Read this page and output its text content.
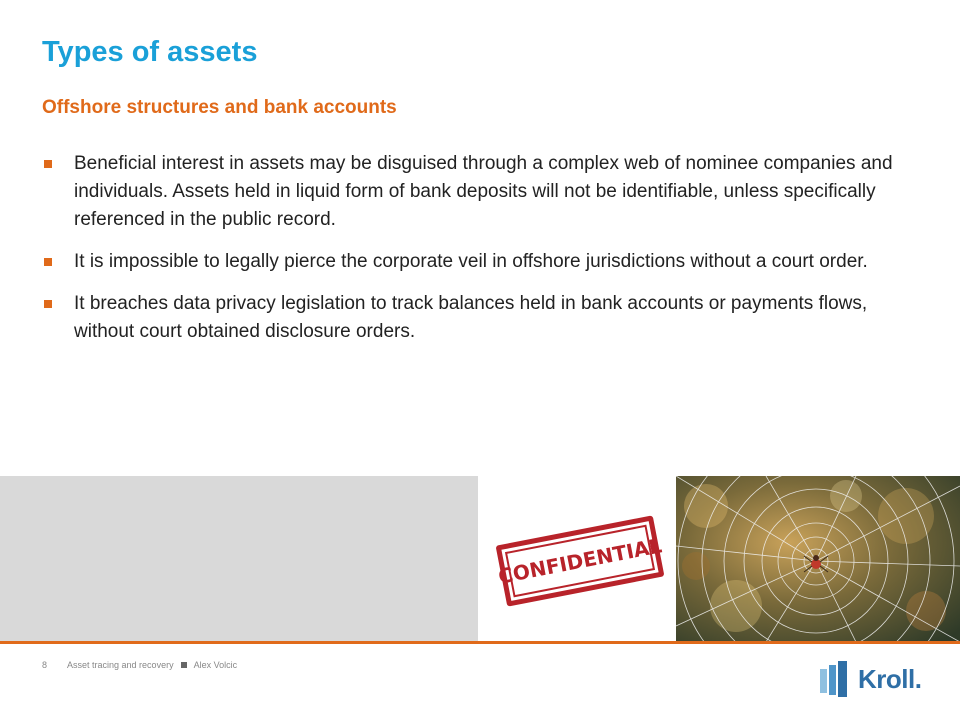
Types of assets
Offshore structures and bank accounts
Beneficial interest in assets may be disguised through a complex web of nominee companies and individuals. Assets held in liquid form of bank deposits will not be identifiable, unless specifically referenced in the public record.
It is impossible to legally pierce the corporate veil in offshore jurisdictions without a court order.
It breaches data privacy legislation to track balances held in bank accounts or payments flows, without court obtained disclosure orders.
CONFIDENTIAL
8 Asset tracing and recovery Alex Volcic	Kroll .
